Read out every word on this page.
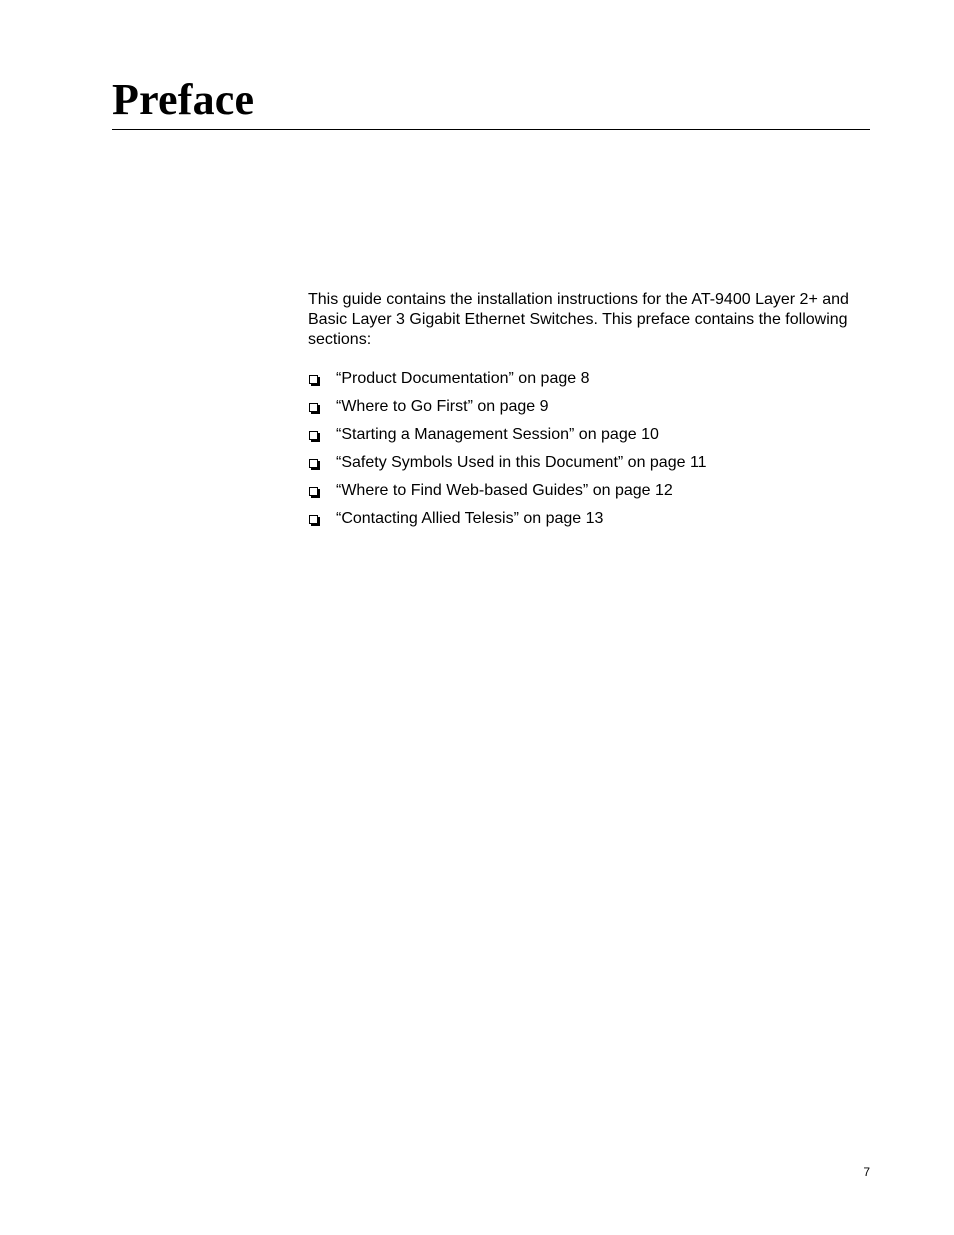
Preface

This guide contains the installation instructions for the AT-9400 Layer 2+ and Basic Layer 3 Gigabit Ethernet Switches. This preface contains the following sections:

“Product Documentation” on page 8
“Where to Go First” on page 9
“Starting a Management Session” on page 10
“Safety Symbols Used in this Document” on page 11
“Where to Find Web-based Guides” on page 12
“Contacting Allied Telesis” on page 13
7
